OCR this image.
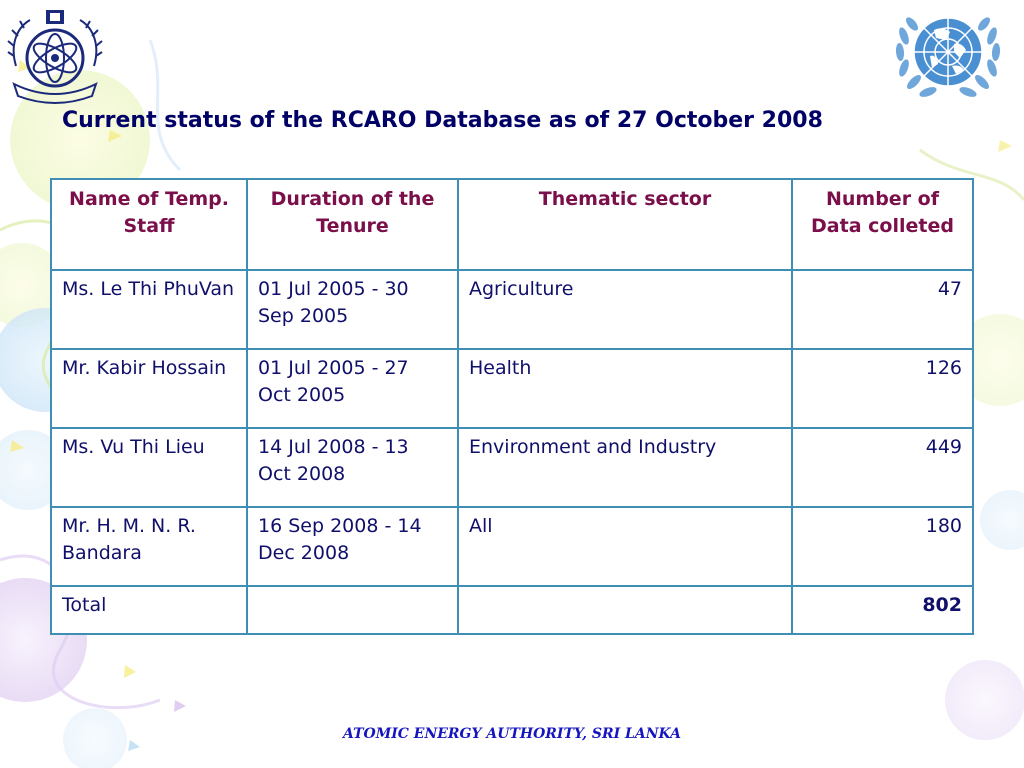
Current status of the RCARO Database as of 27 October 2008
Name of Temp. Staff	Duration of the Tenure	Thematic sector	Number of Data colleted
Ms. Le Thi PhuVan	01 Jul 2005 - 30 Sep 2005	Agriculture	47
Mr. Kabir Hossain	01 Jul 2005 - 27 Oct 2005	Health	126
Ms. Vu Thi Lieu	14 Jul 2008 - 13 Oct 2008	Environment and Industry	449
Mr. H. M. N. R. Bandara	16 Sep 2008 - 14 Dec 2008	All	180
Total			802
ATOMIC ENERGY AUTHORITY, SRI LANKA
